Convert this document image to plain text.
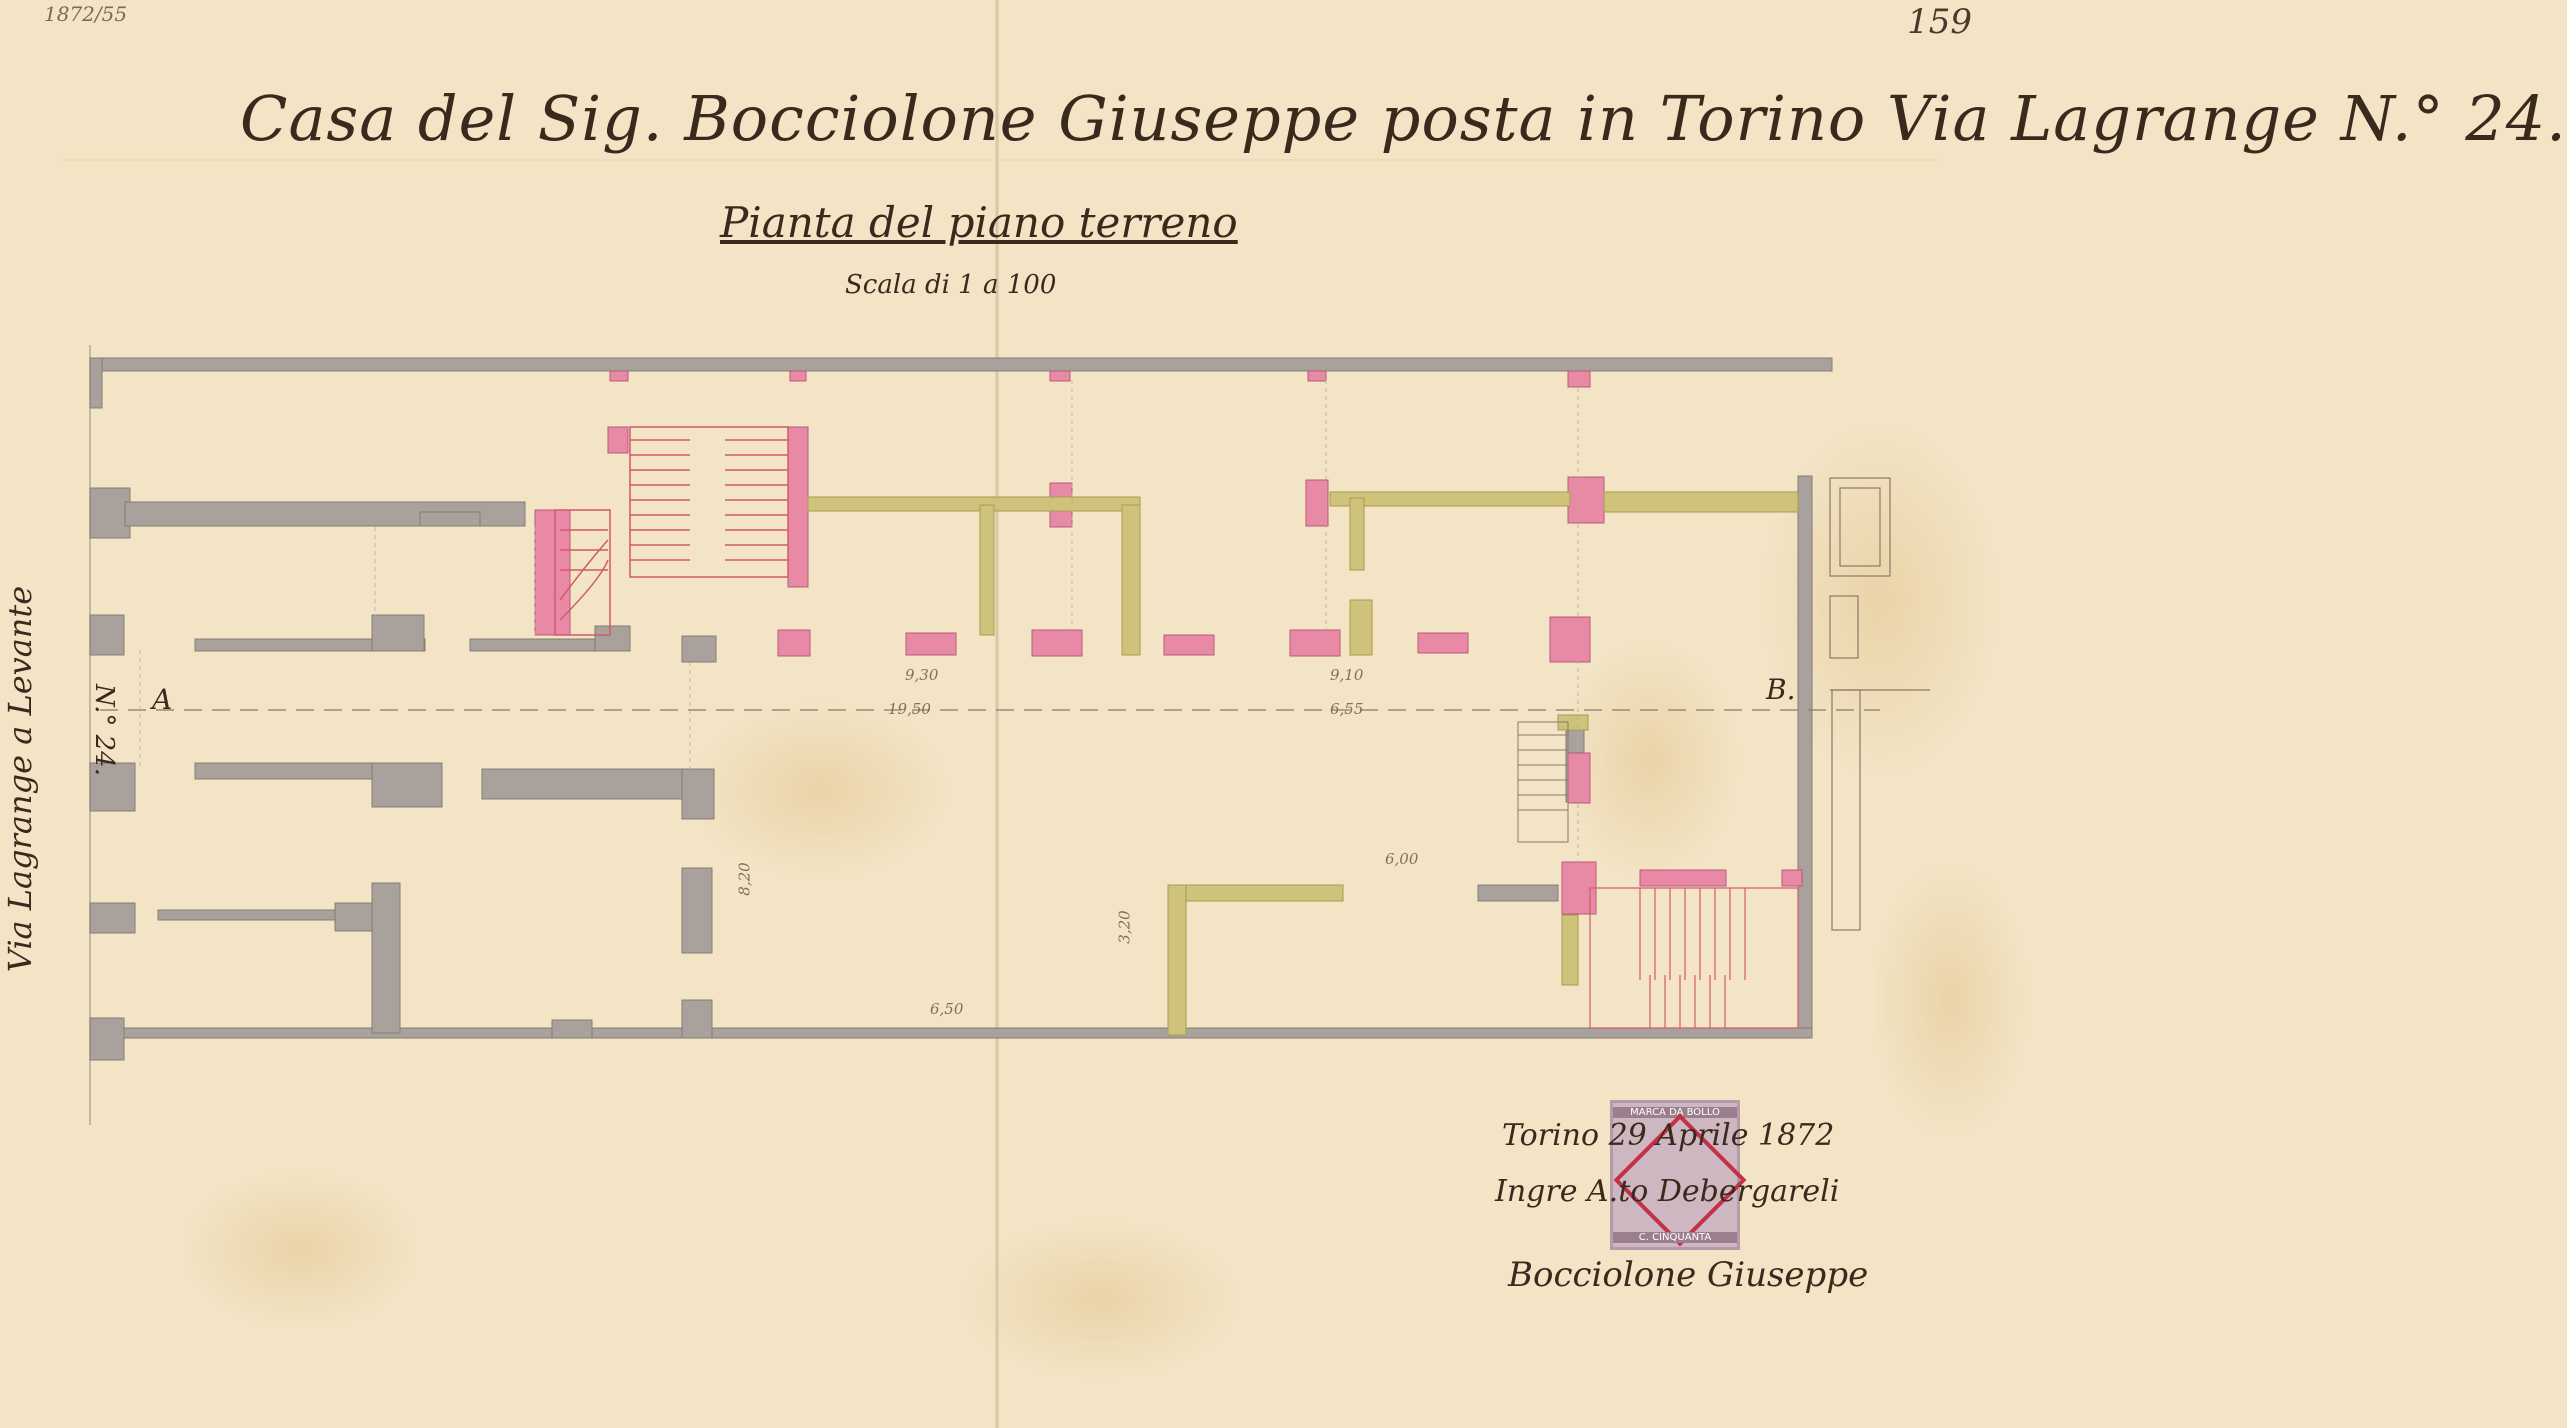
1872/55	159
Casa del Sig. Bocciolone Giuseppe posta in Torino Via Lagrange N.° 24.
Pianta del piano terreno
Scala di 1 a 100
Via Lagrange a Levante N.° 24. A	B.
9,30
19,50
9,10
6,55
8,20
6,00
3,20
6,50
MARCA DA BOLLO
C. CINQUANTA
Torino 29 Aprile 1872
Ingre A.to Debergareli
Bocciolone Giuseppe
